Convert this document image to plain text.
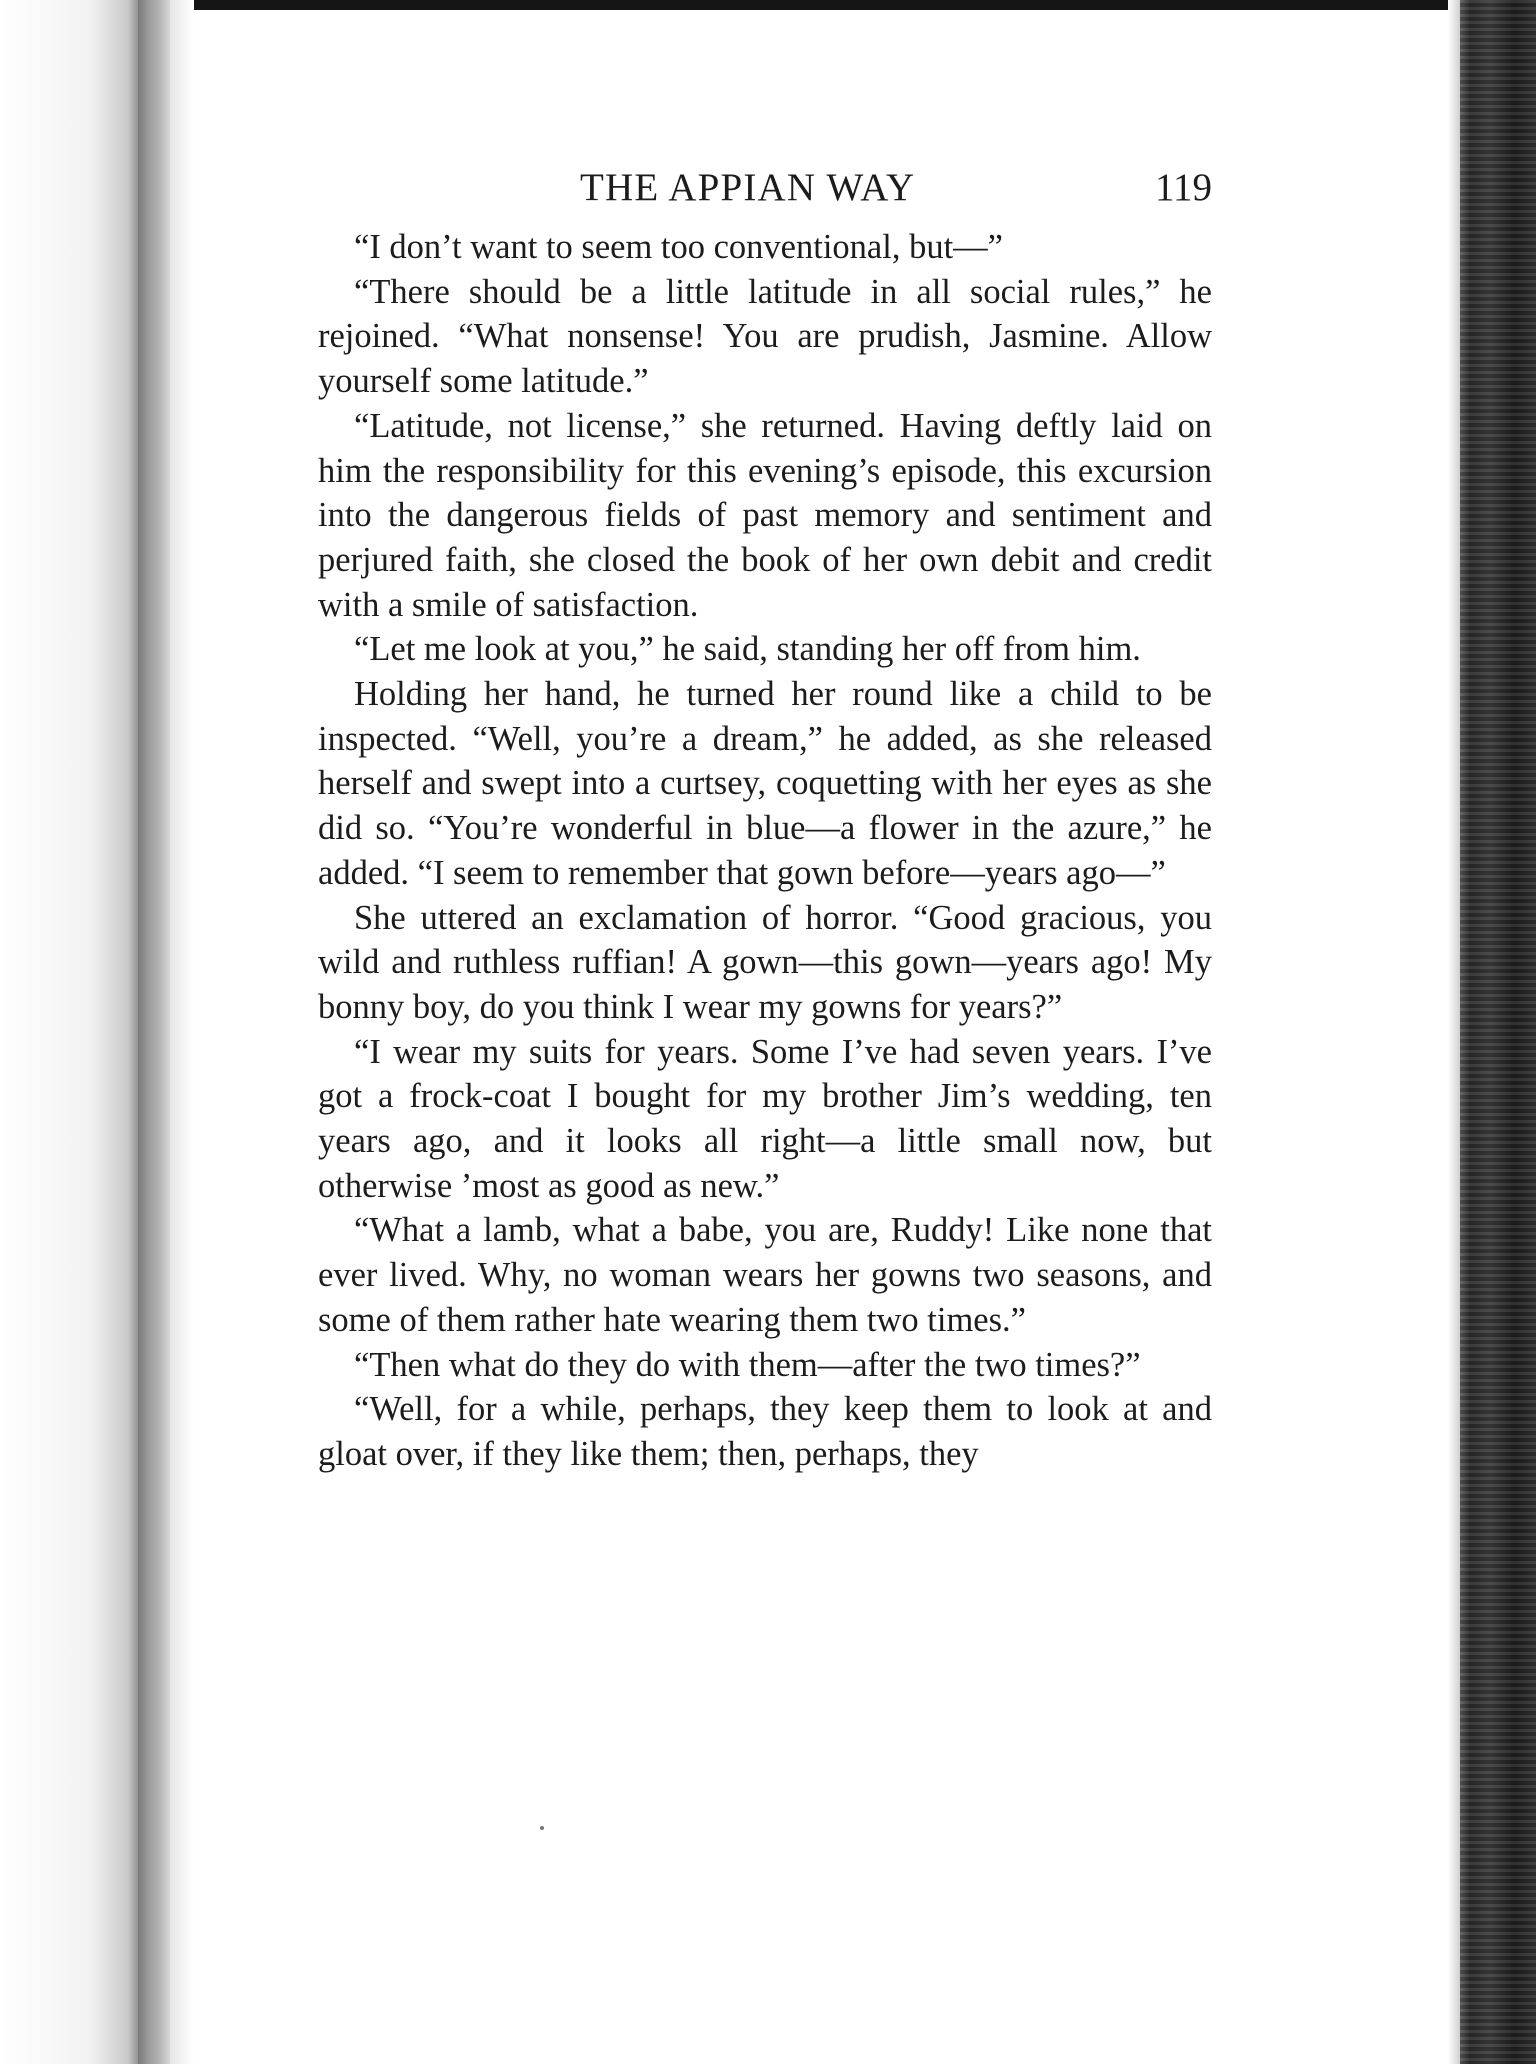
THE APPIAN WAY	119

“I don’t want to seem too conventional, but—”

“There should be a little latitude in all social rules,” he rejoined. “What nonsense! You are prudish, Jasmine. Allow yourself some latitude.”

“Latitude, not license,” she returned. Having deftly laid on him the responsibility for this evening’s episode, this excursion into the dangerous fields of past memory and sentiment and perjured faith, she closed the book of her own debit and credit with a smile of satisfaction.

“Let me look at you,” he said, standing her off from him.

Holding her hand, he turned her round like a child to be inspected. “Well, you’re a dream,” he added, as she released herself and swept into a curtsey, coquetting with her eyes as she did so. “You’re wonderful in blue—a flower in the azure,” he added. “I seem to remember that gown before—years ago—”

She uttered an exclamation of horror. “Good gracious, you wild and ruthless ruffian! A gown—this gown—years ago! My bonny boy, do you think I wear my gowns for years?”

“I wear my suits for years. Some I’ve had seven years. I’ve got a frock-coat I bought for my brother Jim’s wedding, ten years ago, and it looks all right—a little small now, but otherwise ’most as good as new.”

“What a lamb, what a babe, you are, Ruddy! Like none that ever lived. Why, no woman wears her gowns two seasons, and some of them rather hate wearing them two times.”

“Then what do they do with them—after the two times?”

“Well, for a while, perhaps, they keep them to look at and gloat over, if they like them; then, perhaps, they
